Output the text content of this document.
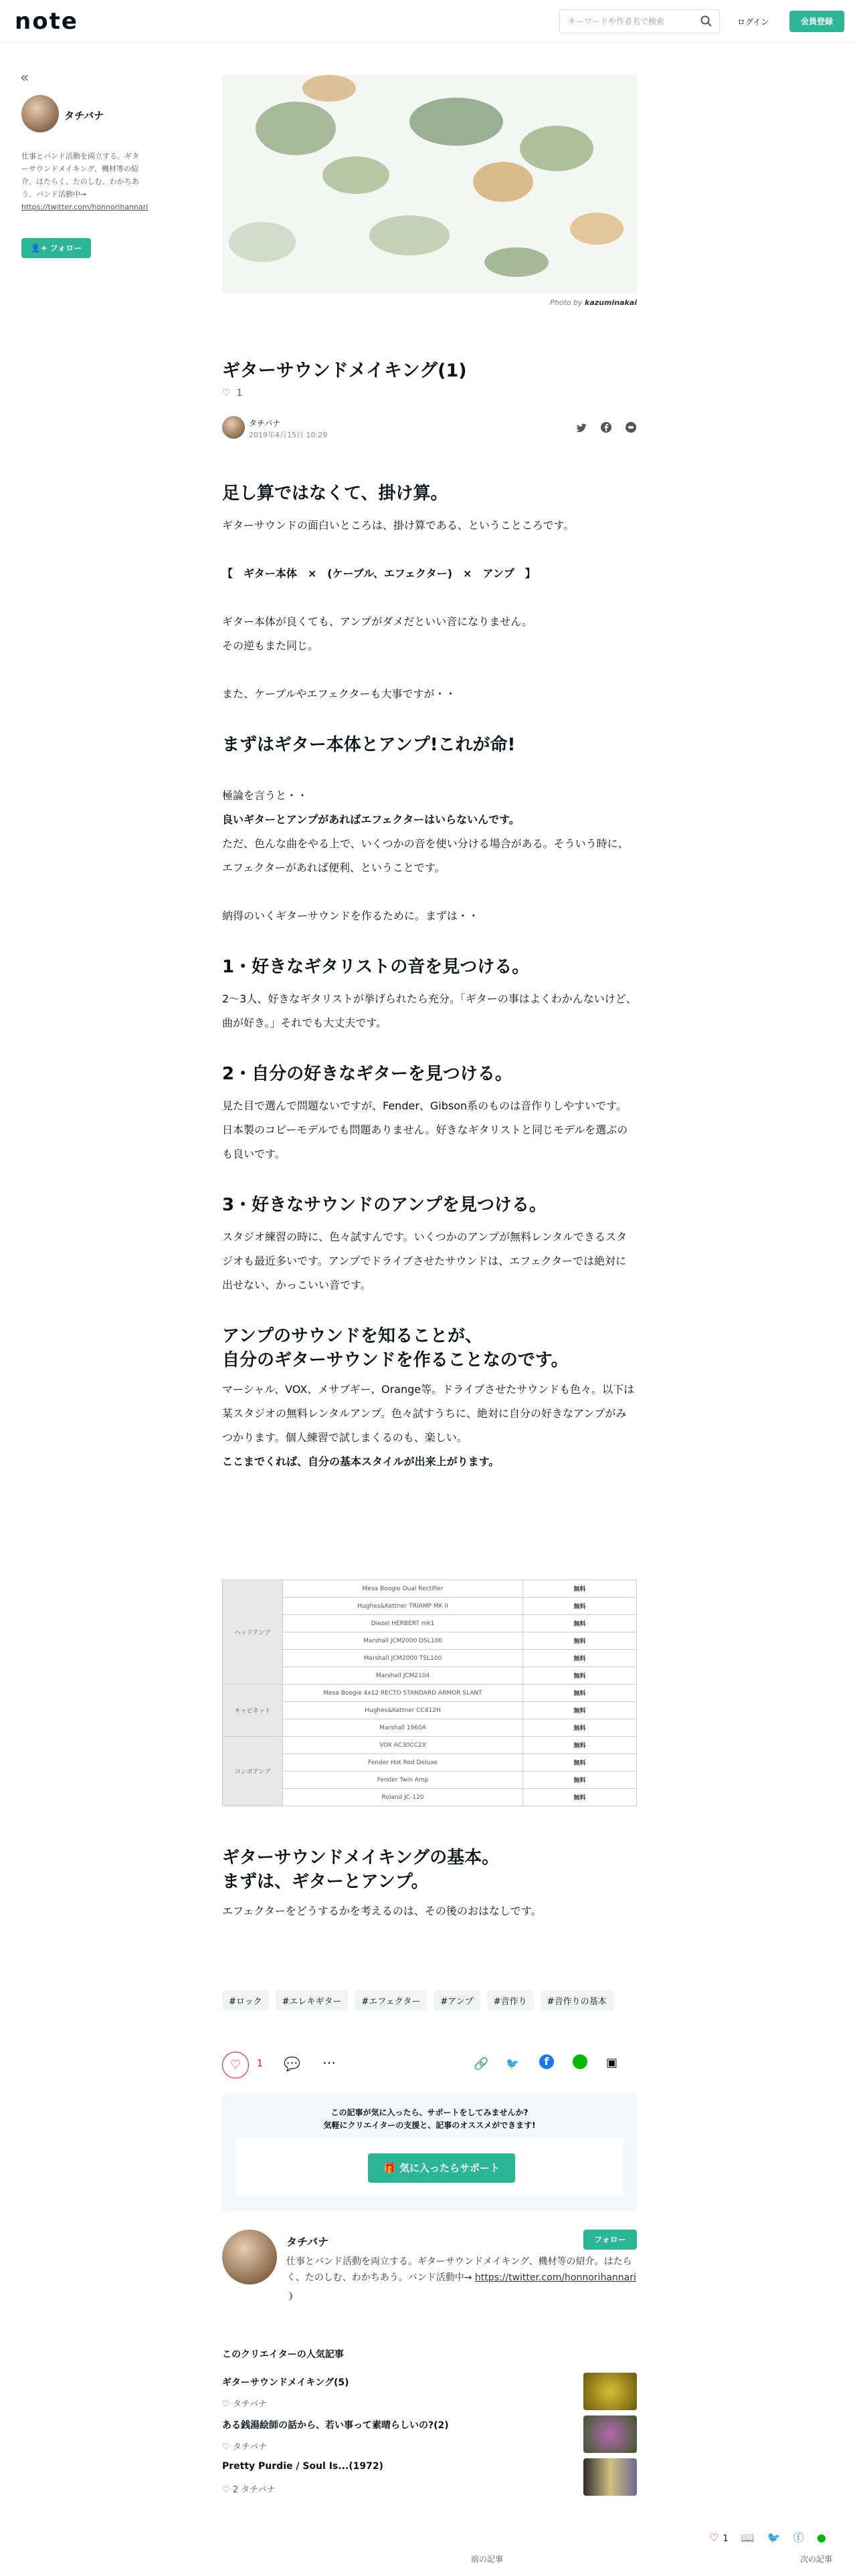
note	キーワードや作者名で検索	ログイン	会員登録
«
タチバナ
仕事とバンド活動を両立する。ギターサウンドメイキング、機材等の紹介。はたらく、たのしむ、わかちあう。バンド活動中→ https://twitter.com/honnorihannari
👤+ フォロー
Photo by kazuminakai
ギターサウンドメイキング(1)
♡ 1
タチバナ
2019年4月15日 10:29

足し算ではなくて、掛け算。

ギターサウンドの面白いところは、掛け算である、ということころです。

【　ギター本体　×　(ケーブル、エフェクター)　×　アンプ　】

ギター本体が良くても、アンプがダメだといい音になりません。

その逆もまた同じ。

また、ケーブルやエフェクターも大事ですが・・

まずはギター本体とアンプ!これが命!

極論を言うと・・

良いギターとアンプがあればエフェクターはいらないんです。

ただ、色んな曲をやる上で、いくつかの音を使い分ける場合がある。そういう時に、エフェクターがあれば便利、ということです。

納得のいくギターサウンドを作るために。まずは・・

1・好きなギタリストの音を見つける。

2〜3人、好きなギタリストが挙げられたら充分。「ギターの事はよくわかんないけど、曲が好き。」それでも大丈夫です。

2・自分の好きなギターを見つける。

見た目で選んで問題ないですが、Fender、Gibson系のものは音作りしやすいです。日本製のコピーモデルでも問題ありません。好きなギタリストと同じモデルを選ぶのも良いです。

3・好きなサウンドのアンプを見つける。

スタジオ練習の時に、色々試すんです。いくつかのアンプが無料レンタルできるスタジオも最近多いです。アンプでドライブさせたサウンドは、エフェクターでは絶対に出せない、かっこいい音です。

アンプのサウンドを知ることが、
自分のギターサウンドを作ることなのです。

マーシャル、VOX、メサブギー、Orange等。ドライブさせたサウンドも色々。以下は某スタジオの無料レンタルアンプ。色々試すうちに、絶対に自分の好きなアンプがみつかります。個人練習で試しまくるのも、楽しい。

ここまでくれば、自分の基本スタイルが出来上がります。

ヘッドアンプ	Mesa Boogie Dual Rectifier	無料
	Hughes&Kettner TRIAMP MK II	無料
	Diezel HERBERT mk1	無料
	Marshall JCM2000 DSL100	無料
	Marshall JCM2000 TSL100	無料
	Marshall JCM2104	無料
キャビネット	Mesa Boogie 4x12 RECTO STANDARD ARMOR SLANT	無料
	Hughes&Kettner CC412H	無料
	Marshall 1960A	無料
コンボアンプ	VOX AC30CC2X	無料
	Fender Hot Rod Deluxe	無料
	Fender Twin Amp	無料
	Roland JC-120	無料
ギターサウンドメイキングの基本。
まずは、ギターとアンプ。

エフェクターをどうするかを考えるのは、その後のおはなしです。

#ロック #エレキギター #エフェクター #アンプ #音作り #音作りの基本
♡	1 💬 ⋯	🔗 🐦	f	▣
この記事が気に入ったら、サポートをしてみませんか?
気軽にクリエイターの支援と、記事のオススメができます!
🎁 気に入ったらサポート
タチバナ	フォロー
仕事とバンド活動を両立する。ギターサウンドメイキング、機材等の紹介。はたらく、たのしむ、わかちあう。バンド活動中→ https://twitter.com/honnorihannari
❩
このクリエイターの人気記事
ギターサウンドメイキング(5)
♡ タチバナ
ある銭湯絵師の話から、若い事って素晴らしいの?(2)
♡ タチバナ
Pretty Purdie / Soul Is...(1972)
♡ 2 タチバナ
前の記事	次の記事
♡ 1 📖 🐦 ⓕ ●
